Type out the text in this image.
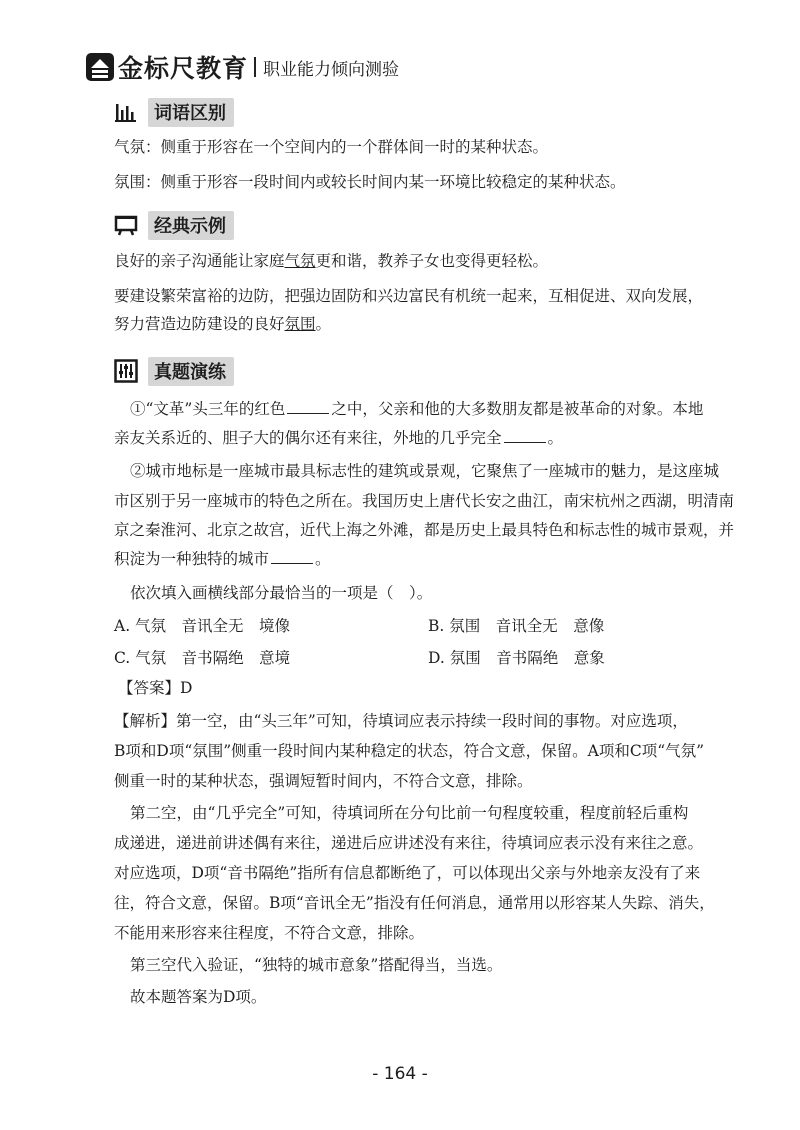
金标尺教育 职业能力倾向测验
词语区别
气氛：侧重于形容在一个空间内的一个群体间一时的某种状态。
氛围：侧重于形容一段时间内或较长时间内某一环境比较稳定的某种状态。
经典示例
良好的亲子沟通能让家庭气氛更和谐，教养子女也变得更轻松。
要建设繁荣富裕的边防，把强边固防和兴边富民有机统一起来，互相促进、双向发展，
努力营造边防建设的良好氛围。
真题演练
①“文革”头三年的红色	之中，父亲和他的大多数朋友都是被革命的对象。本地
亲友关系近的、胆子大的偶尔还有来往，外地的几乎完全	。
②城市地标是一座城市最具标志性的建筑或景观，它聚焦了一座城市的魅力，是这座城
市区别于另一座城市的特色之所在。我国历史上唐代长安之曲江，南宋杭州之西湖，明清南
京之秦淮河、北京之故宫，近代上海之外滩，都是历史上最具特色和标志性的城市景观，并
积淀为一种独特的城市	。
依次填入画横线部分最恰当的一项是（　）。
A. 气氛　音讯全无　境像	B. 氛围　音讯全无　意像
C. 气氛　音书隔绝　意境	D. 氛围　音书隔绝　意象
【答案】D
【解析】第一空，由“头三年”可知，待填词应表示持续一段时间的事物。对应选项，
B项和D项“氛围”侧重一段时间内某种稳定的状态，符合文意，保留。A项和C项“气氛”
侧重一时的某种状态，强调短暂时间内，不符合文意，排除。
第二空，由“几乎完全”可知，待填词所在分句比前一句程度较重，程度前轻后重构
成递进，递进前讲述偶有来往，递进后应讲述没有来往，待填词应表示没有来往之意。
对应选项，D项“音书隔绝”指所有信息都断绝了，可以体现出父亲与外地亲友没有了来
往，符合文意，保留。B项“音讯全无”指没有任何消息，通常用以形容某人失踪、消失，
不能用来形容来往程度，不符合文意，排除。
第三空代入验证，“独特的城市意象”搭配得当，当选。
故本题答案为D项。
- 164 -
